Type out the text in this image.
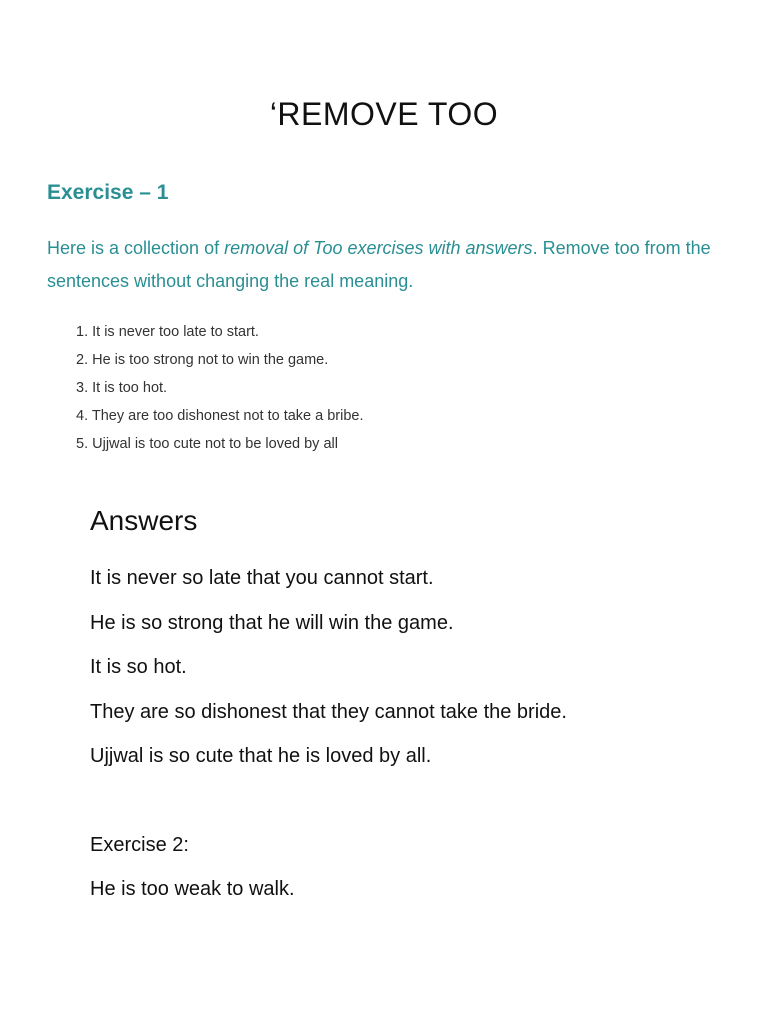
‘REMOVE TOO
Exercise – 1
Here is a collection of removal of Too exercises with answers. Remove too from the sentences without changing the real meaning.
1. It is never too late to start.
2. He is too strong not to win the game.
3. It is too hot.
4. They are too dishonest not to take a bribe.
5. Ujjwal is too cute not to be loved by all
Answers
It is never so late that you cannot start.
He is so strong that he will win the game.
It is so hot.
They are so dishonest that they cannot take the bride.
Ujjwal is so cute that he is loved by all.
Exercise 2:
He is too weak to walk.
